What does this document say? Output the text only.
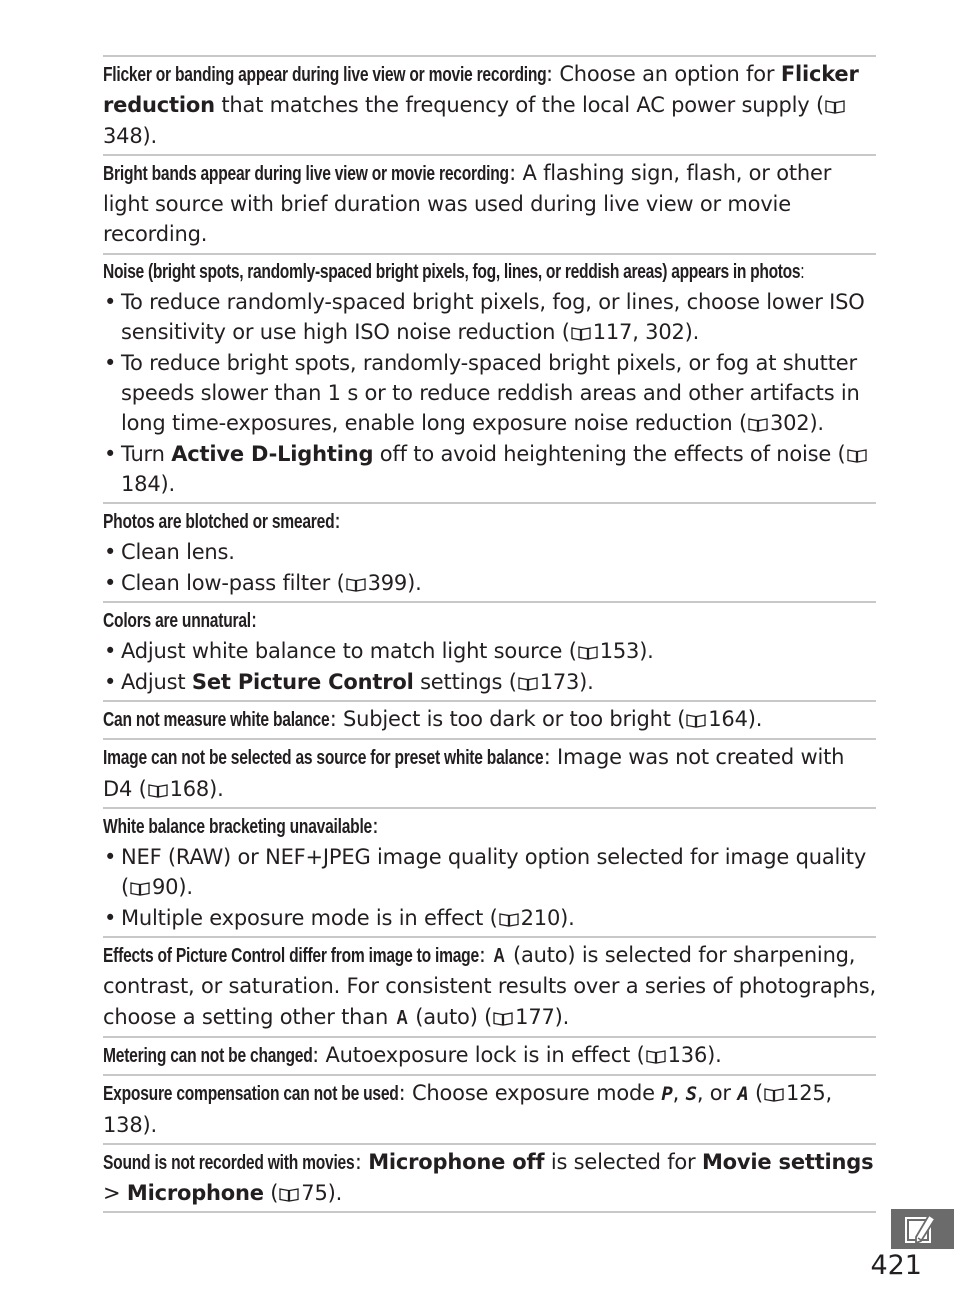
Flicker or banding appear during live view or movie recording: Choose an option for Flicker reduction that matches the frequency of the local AC power supply (
348).

Bright bands appear during live view or movie recording: A flashing sign, flash, or other light source with brief duration was used during live view or movie recording.

Noise (bright spots, randomly-spaced bright pixels, fog, lines, or reddish areas) appears in photos:

• To reduce randomly-spaced bright pixels, fog, or lines, choose lower ISO sensitivity or use high ISO noise reduction ( 117, 302).
• To reduce bright spots, randomly-spaced bright pixels, or fog at shutter speeds slower than 1 s or to reduce reddish areas and other artifacts in long time-exposures, enable long exposure noise reduction ( 302).
• Turn Active D-Lighting off to avoid heightening the effects of noise (
184).

Photos are blotched or smeared:

• Clean lens.
• Clean low-pass filter ( 399).

Colors are unnatural:

• Adjust white balance to match light source ( 153).
• Adjust Set Picture Control settings ( 173).

Can not measure white balance: Subject is too dark or too bright ( 164).

Image can not be selected as source for preset white balance: Image was not created with D4 ( 168).

White balance bracketing unavailable:

• NEF (RAW) or NEF+JPEG image quality option selected for image quality ( 90).
• Multiple exposure mode is in effect ( 210).

Effects of Picture Control differ from image to image: A (auto) is selected for sharpening, contrast, or saturation. For consistent results over a series of photographs, choose a setting other than A (auto) ( 177).

Metering can not be changed: Autoexposure lock is in effect ( 136).

Exposure compensation can not be used: Choose exposure mode P, S, or A ( 125, 138).

Sound is not recorded with movies: Microphone off is selected for Movie settings > Microphone ( 75).

421
